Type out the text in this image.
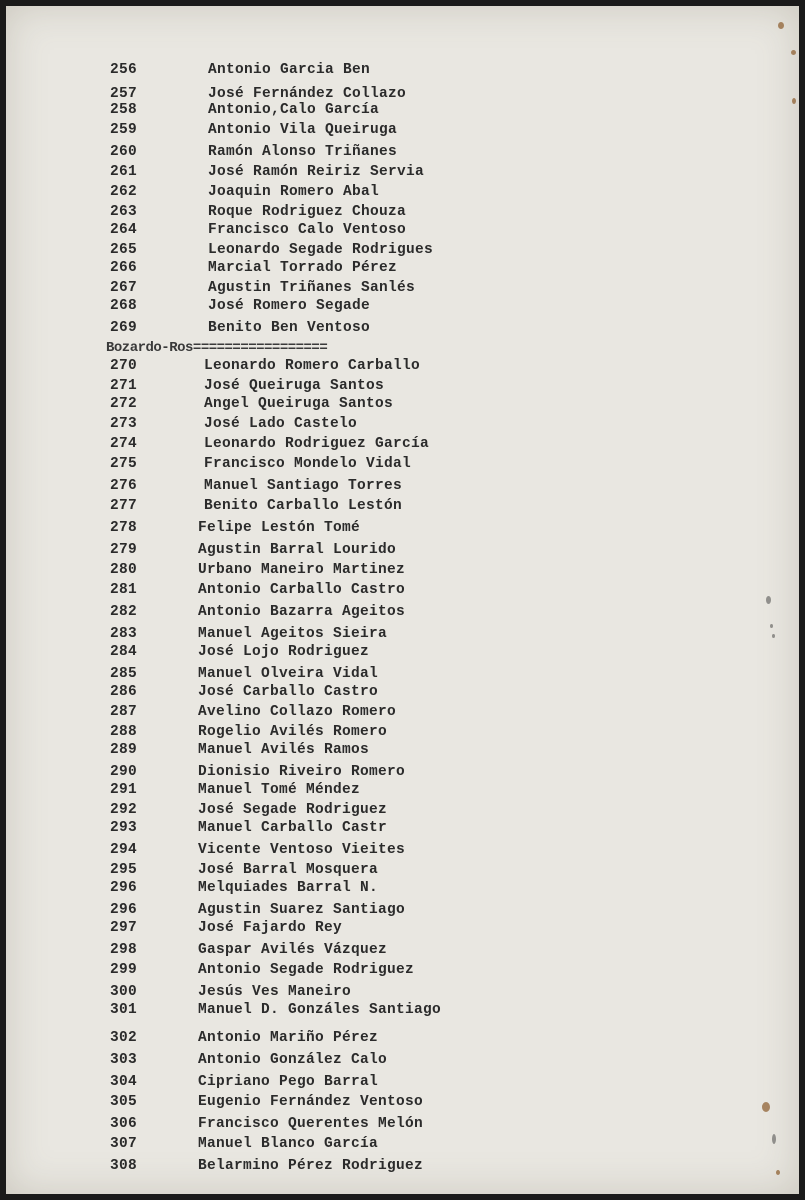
256	Antonio Garcia Ben
257	José Fernández Collazo
258	Antonio,Calo García
259	Antonio Vila Queiruga
260	Ramón Alonso Triñanes
261	José Ramón Reiriz Servia
262	Joaquin Romero Abal
263	Roque Rodriguez Chouza
264	Francisco Calo Ventoso
265	Leonardo Segade Rodrigues
266	Marcial Torrado Pérez
267	Agustin Triñanes Sanlés
268	José Romero Segade
269	Benito Ben Ventoso
270	Leonardo Romero Carballo
271	José Queiruga Santos
272	Angel Queiruga Santos
273	José Lado Castelo
274	Leonardo Rodriguez García
275	Francisco Mondelo Vidal
276	Manuel Santiago Torres
277	Benito Carballo Lestón
278	Felipe Lestón Tomé
279	Agustin Barral Lourido
280	Urbano Maneiro Martinez
281	Antonio Carballo Castro
282	Antonio Bazarra Ageitos
283	Manuel Ageitos Sieira
284	José Lojo Rodriguez
285	Manuel Olveira Vidal
286	José Carballo Castro
287	Avelino Collazo Romero
288	Rogelio Avilés Romero
289	Manuel Avilés Ramos
290	Dionisio Riveiro Romero
291	Manuel Tomé Méndez
292	José Segade Rodriguez
293	Manuel Carballo Castr
294	Vicente Ventoso Vieites
295	José Barral Mosquera
296	Melquiades Barral N.
296	Agustin Suarez Santiago
297	José Fajardo Rey
298	Gaspar Avilés Vázquez
299	Antonio Segade Rodriguez
300	Jesús Ves Maneiro
301	Manuel D. Gonzáles Santiago
302	Antonio Mariño Pérez
303	Antonio González Calo
304	Cipriano Pego Barral
305	Eugenio Fernández Ventoso
306	Francisco Querentes Melón
307	Manuel Blanco García
308	Belarmino Pérez Rodriguez
Bozardo-Ros=================
